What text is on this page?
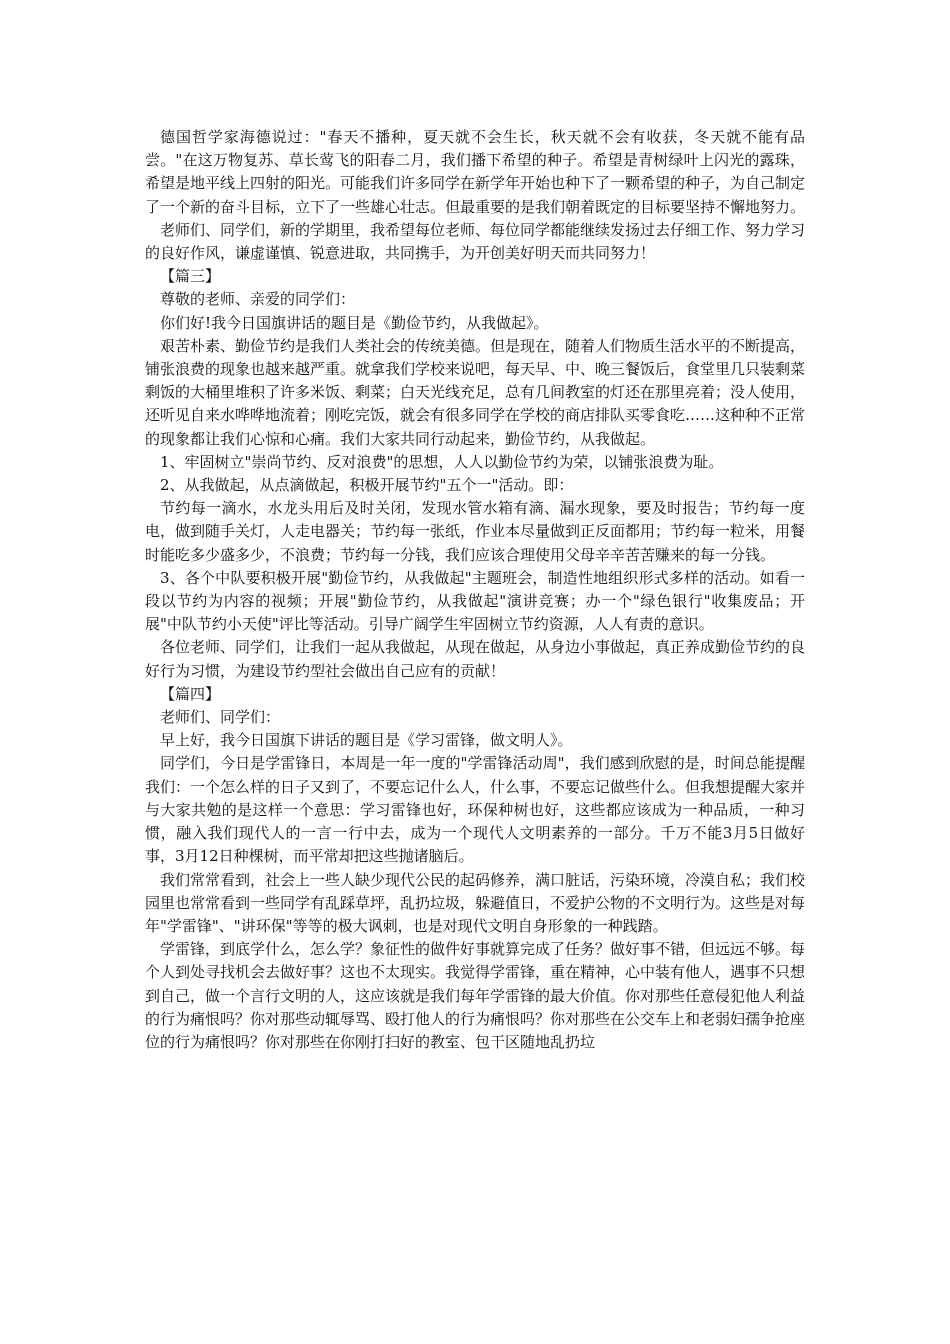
德国哲学家海德说过："春天不播种，夏天就不会生长，秋天就不会有收获，冬天就不能有品尝。"在这万物复苏、草长莺飞的阳春二月，我们播下希望的种子。希望是青树绿叶上闪光的露珠，希望是地平线上四射的阳光。可能我们许多同学在新学年开始也种下了一颗希望的种子，为自己制定了一个新的奋斗目标，立下了一些雄心壮志。但最重要的是我们朝着既定的目标要坚持不懈地努力。

老师们、同学们，新的学期里，我希望每位老师、每位同学都能继续发扬过去仔细工作、努力学习的良好作风，谦虚谨慎、锐意进取，共同携手，为开创美好明天而共同努力！

【篇三】

尊敬的老师、亲爱的同学们：

你们好!我今日国旗讲话的题目是《勤俭节约，从我做起》。

艰苦朴素、勤俭节约是我们人类社会的传统美德。但是现在，随着人们物质生活水平的不断提高，铺张浪费的现象也越来越严重。就拿我们学校来说吧，每天早、中、晚三餐饭后，食堂里几只装剩菜剩饭的大桶里堆积了许多米饭、剩菜；白天光线充足，总有几间教室的灯还在那里亮着；没人使用，还听见自来水哗哗地流着；刚吃完饭，就会有很多同学在学校的商店排队买零食吃……这种种不正常的现象都让我们心惊和心痛。我们大家共同行动起来，勤俭节约，从我做起。

1、牢固树立"崇尚节约、反对浪费"的思想，人人以勤俭节约为荣，以铺张浪费为耻。

2、从我做起，从点滴做起，积极开展节约"五个一"活动。即：

节约每一滴水，水龙头用后及时关闭，发现水管水箱有滴、漏水现象，要及时报告；节约每一度电，做到随手关灯，人走电器关；节约每一张纸，作业本尽量做到正反面都用；节约每一粒米，用餐时能吃多少盛多少，不浪费；节约每一分钱，我们应该合理使用父母辛辛苦苦赚来的每一分钱。

3、各个中队要积极开展"勤俭节约，从我做起"主题班会，制造性地组织形式多样的活动。如看一段以节约为内容的视频；开展"勤俭节约，从我做起"演讲竞赛；办一个"绿色银行"收集废品；开展"中队节约小天使"评比等活动。引导广阔学生牢固树立节约资源，人人有责的意识。

各位老师、同学们，让我们一起从我做起，从现在做起，从身边小事做起，真正养成勤俭节约的良好行为习惯，为建设节约型社会做出自己应有的贡献！

【篇四】

老师们、同学们：

早上好，我今日国旗下讲话的题目是《学习雷锋，做文明人》。

同学们，今日是学雷锋日，本周是一年一度的"学雷锋活动周"，我们感到欣慰的是，时间总能提醒我们：一个怎么样的日子又到了，不要忘记什么人，什么事，不要忘记做些什么。但我想提醒大家并与大家共勉的是这样一个意思：学习雷锋也好，环保种树也好，这些都应该成为一种品质，一种习惯，融入我们现代人的一言一行中去，成为一个现代人文明素养的一部分。千万不能3月5日做好事，3月12日种棵树，而平常却把这些抛诸脑后。

我们常常看到，社会上一些人缺少现代公民的起码修养，满口脏话，污染环境，冷漠自私；我们校园里也常常看到一些同学有乱踩草坪，乱扔垃圾，躲避值日，不爱护公物的不文明行为。这些是对每年"学雷锋"、"讲环保"等等的极大讽刺，也是对现代文明自身形象的一种践踏。

学雷锋，到底学什么，怎么学？象征性的做件好事就算完成了任务？做好事不错，但远远不够。每个人到处寻找机会去做好事？这也不太现实。我觉得学雷锋，重在精神，心中装有他人，遇事不只想到自己，做一个言行文明的人，这应该就是我们每年学雷锋的最大价值。你对那些任意侵犯他人利益的行为痛恨吗？你对那些动辄辱骂、殴打他人的行为痛恨吗？你对那些在公交车上和老弱妇孺争抢座位的行为痛恨吗？你对那些在你刚打扫好的教室、包干区随地乱扔垃
